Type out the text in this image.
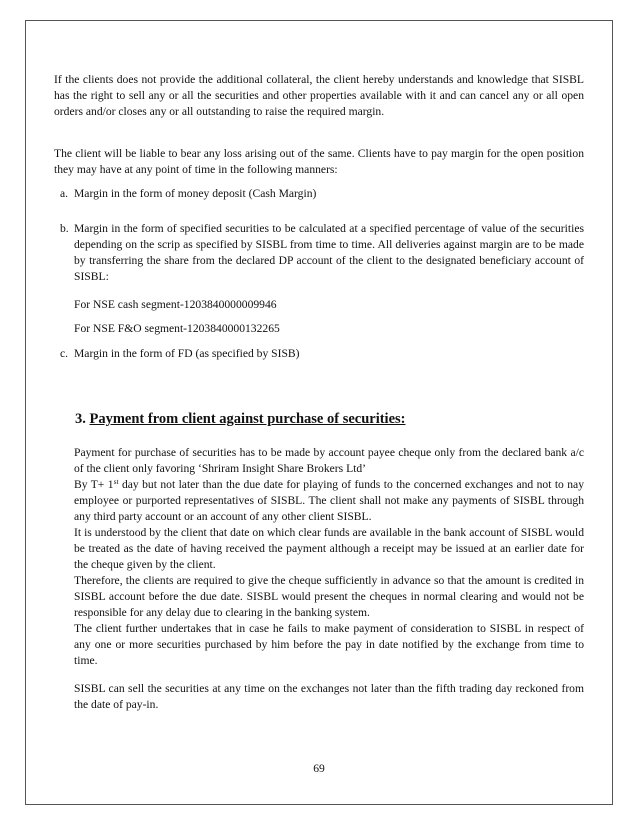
If the clients does not provide the additional collateral, the client hereby understands and knowledge that SISBL has the right to sell any or all the securities and other properties available with it and can cancel any or all open orders and/or closes any or all outstanding to raise the required margin.
The client will be liable to bear any loss arising out of the same. Clients have to pay margin for the open position they may have at any point of time in the following manners:
a. Margin in the form of money deposit (Cash Margin)
b. Margin in the form of specified securities to be calculated at a specified percentage of value of the securities depending on the scrip as specified by SISBL from time to time. All deliveries against margin are to be made by transferring the share from the declared DP account of the client to the designated beneficiary account of SISBL:
For NSE cash segment-1203840000009946
For NSE F&O segment-1203840000132265
c. Margin in the form of FD (as specified by SISB)
3. Payment from client against purchase of securities:
Payment for purchase of securities has to be made by account payee cheque only from the declared bank a/c of the client only favoring ‘Shriram Insight Share Brokers Ltd’
By T+ 1st day but not later than the due date for playing of funds to the concerned exchanges and not to nay employee or purported representatives of SISBL. The client shall not make any payments of SISBL through any third party account or an account of any other client SISBL.
It is understood by the client that date on which clear funds are available in the bank account of SISBL would be treated as the date of having received the payment although a receipt may be issued at an earlier date for the cheque given by the client.
Therefore, the clients are required to give the cheque sufficiently in advance so that the amount is credited in SISBL account before the due date. SISBL would present the cheques in normal clearing and would not be responsible for any delay due to clearing in the banking system.
The client further undertakes that in case he fails to make payment of consideration to SISBL in respect of any one or more securities purchased by him before the pay in date notified by the exchange from time to time.
SISBL can sell the securities at any time on the exchanges not later than the fifth trading day reckoned from the date of pay-in.
69
